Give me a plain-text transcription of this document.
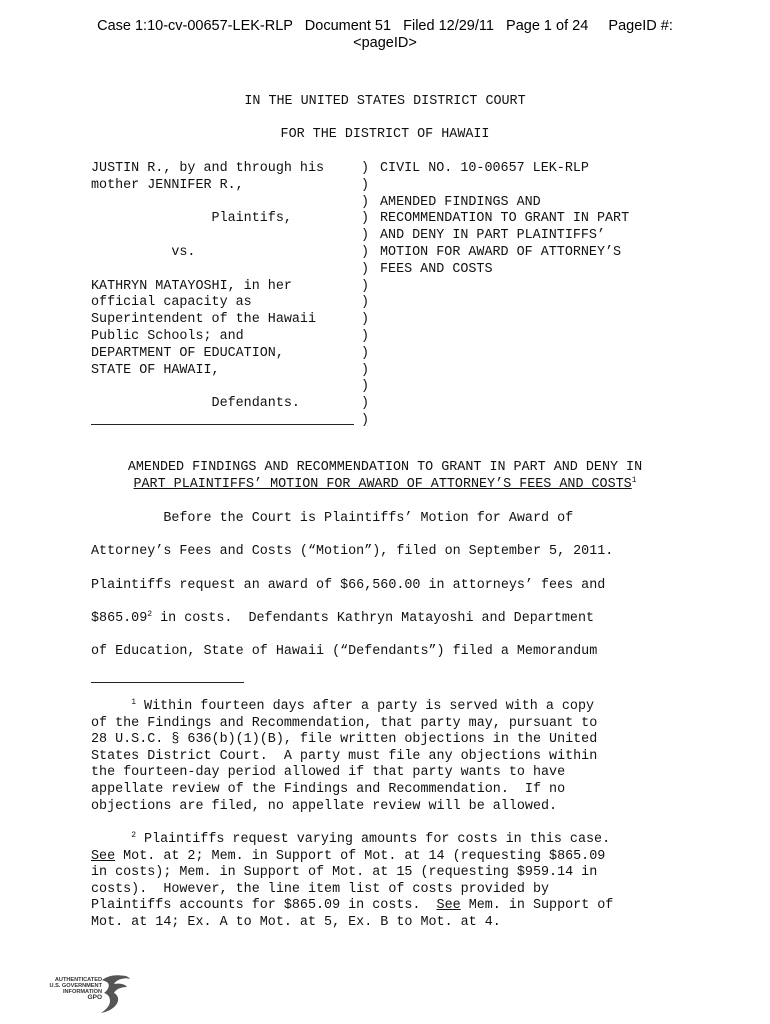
Case 1:10-cv-00657-LEK-RLP   Document 51   Filed 12/29/11   Page 1 of 24     PageID #:
<pageID>
IN THE UNITED STATES DISTRICT COURT
FOR THE DISTRICT OF HAWAII
JUSTIN R., by and through his
mother JENNIFER R.,
Plaintifs,
vs.
KATHRYN MATAYOSHI, in her
official capacity as
Superintendent of the Hawaii
Public Schools; and
DEPARTMENT OF EDUCATION,
STATE OF HAWAII,
Defendants.
)
)
)
)
)
)
)
)
)
)
)
)
)
)
)
)
CIVIL NO. 10-00657 LEK-RLP
AMENDED FINDINGS AND
RECOMMENDATION TO GRANT IN PART
AND DENY IN PART PLAINTIFFS’
MOTION FOR AWARD OF ATTORNEY’S
FEES AND COSTS
AMENDED FINDINGS AND RECOMMENDATION TO GRANT IN PART AND DENY IN
PART PLAINTIFFS’ MOTION FOR AWARD OF ATTORNEY’S FEES AND COSTS$^1$
Before the Court is Plaintiffs’ Motion for Award of
Attorney’s Fees and Costs (“Motion”), filed on September 5, 2011.
Plaintiffs request an award of $66,560.00 in attorneys’ fees and
$865.09$^2$ in costs.  Defendants Kathryn Matayoshi and Department
of Education, State of Hawaii (“Defendants”) filed a Memorandum
$^1$ Within fourteen days after a party is served with a copy
of the Findings and Recommendation, that party may, pursuant to
28 U.S.C. § 636(b)(1)(B), file written objections in the United
States District Court.  A party must file any objections within
the fourteen-day period allowed if that party wants to have
appellate review of the Findings and Recommendation.  If no
objections are filed, no appellate review will be allowed.
$^2$ Plaintiffs request varying amounts for costs in this case.
See Mot. at 2; Mem. in Support of Mot. at 14 (requesting $865.09
in costs); Mem. in Support of Mot. at 15 (requesting $959.14 in
costs).  However, the line item list of costs provided by
Plaintiffs accounts for $865.09 in costs.  See Mem. in Support of
Mot. at 14; Ex. A to Mot. at 5, Ex. B to Mot. at 4.
AUTHENTICATED
U.S. GOVERNMENT
INFORMATION
GPO
